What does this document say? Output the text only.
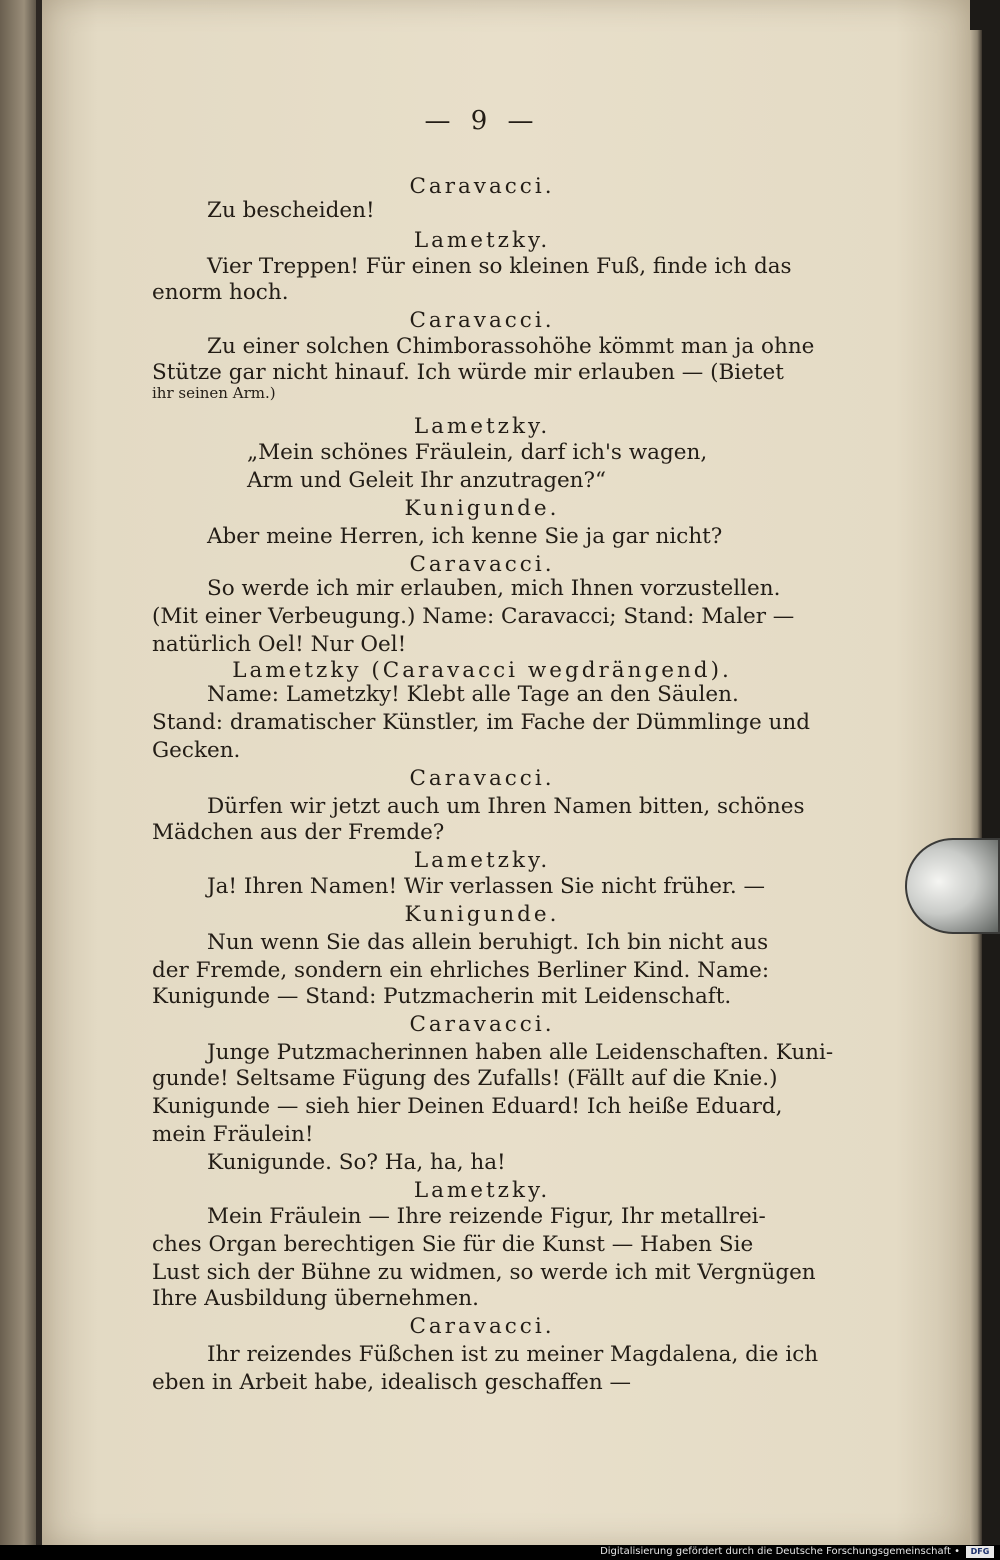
— 9 —
Caravacci.
Zu bescheiden!
Lametzky.
Vier Treppen! Für einen so kleinen Fuß, finde ich das
enorm hoch.
Caravacci.
Zu einer solchen Chimborassohöhe kömmt man ja ohne
Stütze gar nicht hinauf. Ich würde mir erlauben — (Bietet
ihr seinen Arm.)
Lametzky.
„Mein schönes Fräulein, darf ich's wagen,
Arm und Geleit Ihr anzutragen?“
Kunigunde.
Aber meine Herren, ich kenne Sie ja gar nicht?
Caravacci.
So werde ich mir erlauben, mich Ihnen vorzustellen.
(Mit einer Verbeugung.) Name: Caravacci; Stand: Maler —
natürlich Oel! Nur Oel!
Lametzky (Caravacci wegdrängend).
Name: Lametzky! Klebt alle Tage an den Säulen.
Stand: dramatischer Künstler, im Fache der Dümmlinge und
Gecken.
Caravacci.
Dürfen wir jetzt auch um Ihren Namen bitten, schönes
Mädchen aus der Fremde?
Lametzky.
Ja! Ihren Namen! Wir verlassen Sie nicht früher. —
Kunigunde.
Nun wenn Sie das allein beruhigt. Ich bin nicht aus
der Fremde, sondern ein ehrliches Berliner Kind. Name:
Kunigunde — Stand: Putzmacherin mit Leidenschaft.
Caravacci.
Junge Putzmacherinnen haben alle Leidenschaften. Kuni-
gunde! Seltsame Fügung des Zufalls! (Fällt auf die Knie.)
Kunigunde — sieh hier Deinen Eduard! Ich heiße Eduard,
mein Fräulein!
Kunigunde. So? Ha, ha, ha!
Lametzky.
Mein Fräulein — Ihre reizende Figur, Ihr metallrei-
ches Organ berechtigen Sie für die Kunst — Haben Sie
Lust sich der Bühne zu widmen, so werde ich mit Vergnügen
Ihre Ausbildung übernehmen.
Caravacci.
Ihr reizendes Füßchen ist zu meiner Magdalena, die ich
eben in Arbeit habe, idealisch geschaffen —
Digitalisierung gefördert durch die Deutsche Forschungsgemeinschaft •	DFG
